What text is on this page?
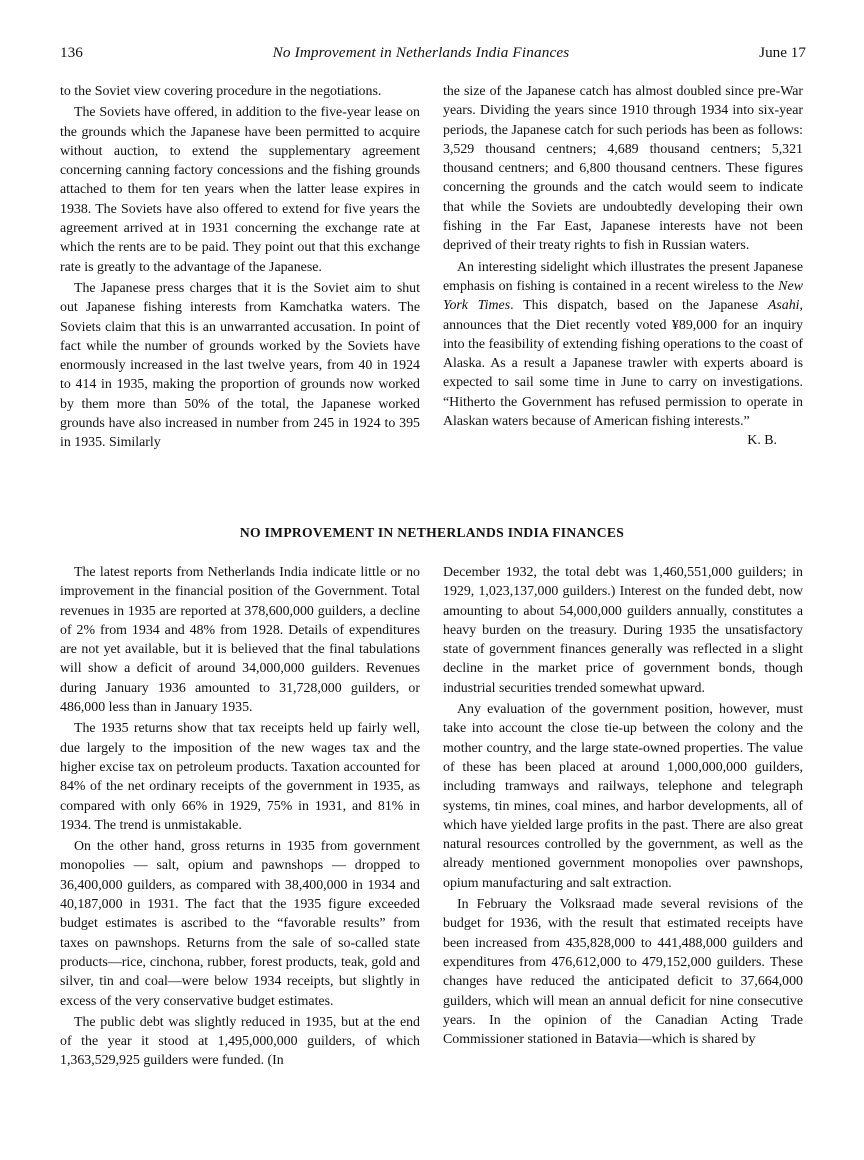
136	No Improvement in Netherlands India Finances	June 17

to the Soviet view covering procedure in the negotiations.

The Soviets have offered, in addition to the five-year lease on the grounds which the Japanese have been permitted to acquire without auction, to extend the supplementary agreement concerning canning factory concessions and the fishing grounds attached to them for ten years when the latter lease expires in 1938. The Soviets have also offered to extend for five years the agreement arrived at in 1931 concerning the exchange rate at which the rents are to be paid. They point out that this exchange rate is greatly to the advantage of the Japanese.

The Japanese press charges that it is the Soviet aim to shut out Japanese fishing interests from Kamchatka waters. The Soviets claim that this is an unwarranted accusation. In point of fact while the number of grounds worked by the Soviets have enormously increased in the last twelve years, from 40 in 1924 to 414 in 1935, making the proportion of grounds now worked by them more than 50% of the total, the Japanese worked grounds have also increased in number from 245 in 1924 to 395 in 1935. Similarly

the size of the Japanese catch has almost doubled since pre-War years. Dividing the years since 1910 through 1934 into six-year periods, the Japanese catch for such periods has been as follows: 3,529 thousand centners; 4,689 thousand centners; 5,321 thousand centners; and 6,800 thousand centners. These figures concerning the grounds and the catch would seem to indicate that while the Soviets are undoubtedly developing their own fishing in the Far East, Japanese interests have not been deprived of their treaty rights to fish in Russian waters.

An interesting sidelight which illustrates the present Japanese emphasis on fishing is contained in a recent wireless to the New York Times. This dispatch, based on the Japanese Asahi, announces that the Diet recently voted ¥89,000 for an inquiry into the feasibility of extending fishing operations to the coast of Alaska. As a result a Japanese trawler with experts aboard is expected to sail some time in June to carry on investigations. “Hitherto the Government has refused permission to operate in Alaskan waters because of American fishing interests.”
K. B.

NO IMPROVEMENT IN NETHERLANDS INDIA FINANCES

The latest reports from Netherlands India indicate little or no improvement in the financial position of the Government. Total revenues in 1935 are reported at 378,600,000 guilders, a decline of 2% from 1934 and 48% from 1928. Details of expenditures are not yet available, but it is believed that the final tabulations will show a deficit of around 34,000,000 guilders. Revenues during January 1936 amounted to 31,728,000 guilders, or 486,000 less than in January 1935.

The 1935 returns show that tax receipts held up fairly well, due largely to the imposition of the new wages tax and the higher excise tax on petroleum products. Taxation accounted for 84% of the net ordinary receipts of the government in 1935, as compared with only 66% in 1929, 75% in 1931, and 81% in 1934. The trend is unmistakable.

On the other hand, gross returns in 1935 from government monopolies — salt, opium and pawnshops — dropped to 36,400,000 guilders, as compared with 38,400,000 in 1934 and 40,187,000 in 1931. The fact that the 1935 figure exceeded budget estimates is ascribed to the “favorable results” from taxes on pawnshops. Returns from the sale of so-called state products—rice, cinchona, rubber, forest products, teak, gold and silver, tin and coal—were below 1934 receipts, but slightly in excess of the very conservative budget estimates.

The public debt was slightly reduced in 1935, but at the end of the year it stood at 1,495,000,000 guilders, of which 1,363,529,925 guilders were funded. (In

December 1932, the total debt was 1,460,551,000 guilders; in 1929, 1,023,137,000 guilders.) Interest on the funded debt, now amounting to about 54,000,000 guilders annually, constitutes a heavy burden on the treasury. During 1935 the unsatisfactory state of government finances generally was reflected in a slight decline in the market price of government bonds, though industrial securities trended somewhat upward.

Any evaluation of the government position, however, must take into account the close tie-up between the colony and the mother country, and the large state-owned properties. The value of these has been placed at around 1,000,000,000 guilders, including tramways and railways, telephone and telegraph systems, tin mines, coal mines, and harbor developments, all of which have yielded large profits in the past. There are also great natural resources controlled by the government, as well as the already mentioned government monopolies over pawnshops, opium manufacturing and salt extraction.

In February the Volksraad made several revisions of the budget for 1936, with the result that estimated receipts have been increased from 435,828,000 to 441,488,000 guilders and expenditures from 476,612,000 to 479,152,000 guilders. These changes have reduced the anticipated deficit to 37,664,000 guilders, which will mean an annual deficit for nine consecutive years. In the opinion of the Canadian Acting Trade Commissioner stationed in Batavia—which is shared by
